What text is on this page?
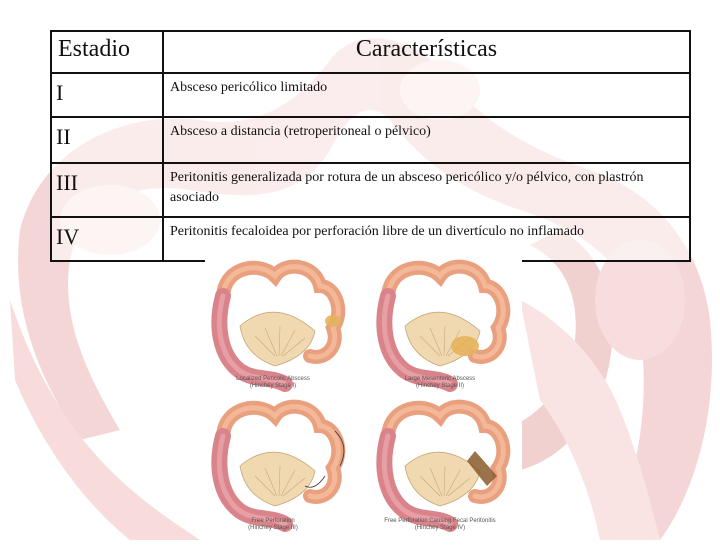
Estadio	Características
I	Absceso pericólico limitado
II	Absceso a distancia (retroperitoneal o pélvico)
III	Peritonitis generalizada por rotura de un absceso pericólico y/o pélvico, con plastrón asociado
IV	Peritonitis fecaloidea por perforación libre de un divertículo no inflamado
Localized Pericolic Abscess
(Hinchey Stage I)
Large Mesenteric Abscess
(Hinchey Stage II)
Free Perforation
(Hinchey Stage III)
Free Perforation Causing Fecal Peritonitis
(Hinchey Stage IV)
